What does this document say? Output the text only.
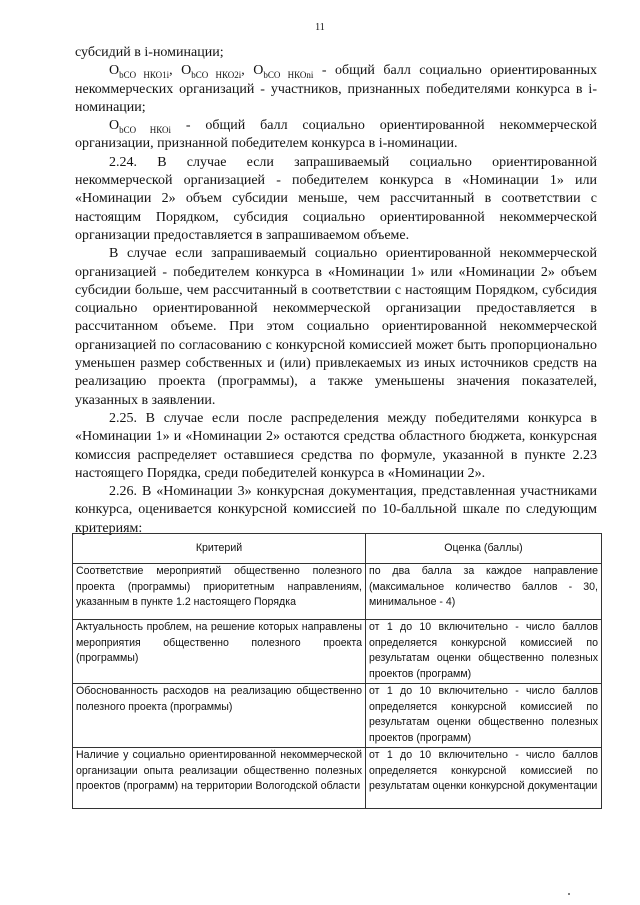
11

субсидий в i-номинации;

$О_{bСО НКО1i}$, $О_{bСО НКО2i}$, $О_{bСО НКОni}$ - общий балл социально ориентированных некоммерческих организаций - участников, признанных победителями конкурса в i-номинации;

$О_{bСО НКОi}$ - общий балл социально ориентированной некоммерческой организации, признанной победителем конкурса в i-номинации.

2.24. В случае если запрашиваемый социально ориентированной некоммерческой организацией - победителем конкурса в «Номинации 1» или «Номинации 2» объем субсидии меньше, чем рассчитанный в соответствии с настоящим Порядком, субсидия социально ориентированной некоммерческой организации предоставляется в запрашиваемом объеме.

В случае если запрашиваемый социально ориентированной некоммерческой организацией - победителем конкурса в «Номинации 1» или «Номинации 2» объем субсидии больше, чем рассчитанный в соответствии с настоящим Порядком, субсидия социально ориентированной некоммерческой организации предоставляется в рассчитанном объеме. При этом социально ориентированной некоммерческой организацией по согласованию с конкурсной комиссией может быть пропорционально уменьшен размер собственных и (или) привлекаемых из иных источников средств на реализацию проекта (программы), а также уменьшены значения показателей, указанных в заявлении.

2.25. В случае если после распределения между победителями конкурса в «Номинации 1» и «Номинации 2» остаются средства областного бюджета, конкурсная комиссия распределяет оставшиеся средства по формуле, указанной в пункте 2.23 настоящего Порядка, среди победителей конкурса в «Номинации 2».

2.26. В «Номинации 3» конкурсная документация, представленная участниками конкурса, оценивается конкурсной комиссией по 10-балльной шкале по следующим критериям:

Критерий	Оценка (баллы)
Соответствие мероприятий общественно полезного проекта (программы) приоритетным направлениям, указанным в пункте 1.2 настоящего Порядка	по два балла за каждое направление (максимальное количество баллов - 30, минимальное - 4)
Актуальность проблем, на решение которых направлены мероприятия общественно полезного проекта (программы)	от 1 до 10 включительно - число баллов определяется конкурсной комиссией по результатам оценки общественно полезных проектов (программ)
Обоснованность расходов на реализацию общественно полезного проекта (программы)	от 1 до 10 включительно - число баллов определяется конкурсной комиссией по результатам оценки общественно полезных проектов (программ)
Наличие у социально ориентированной некоммерческой организации опыта реализации общественно полезных проектов (программ) на территории Вологодской области	от 1 до 10 включительно - число баллов определяется конкурсной комиссией по результатам оценки конкурсной документации
